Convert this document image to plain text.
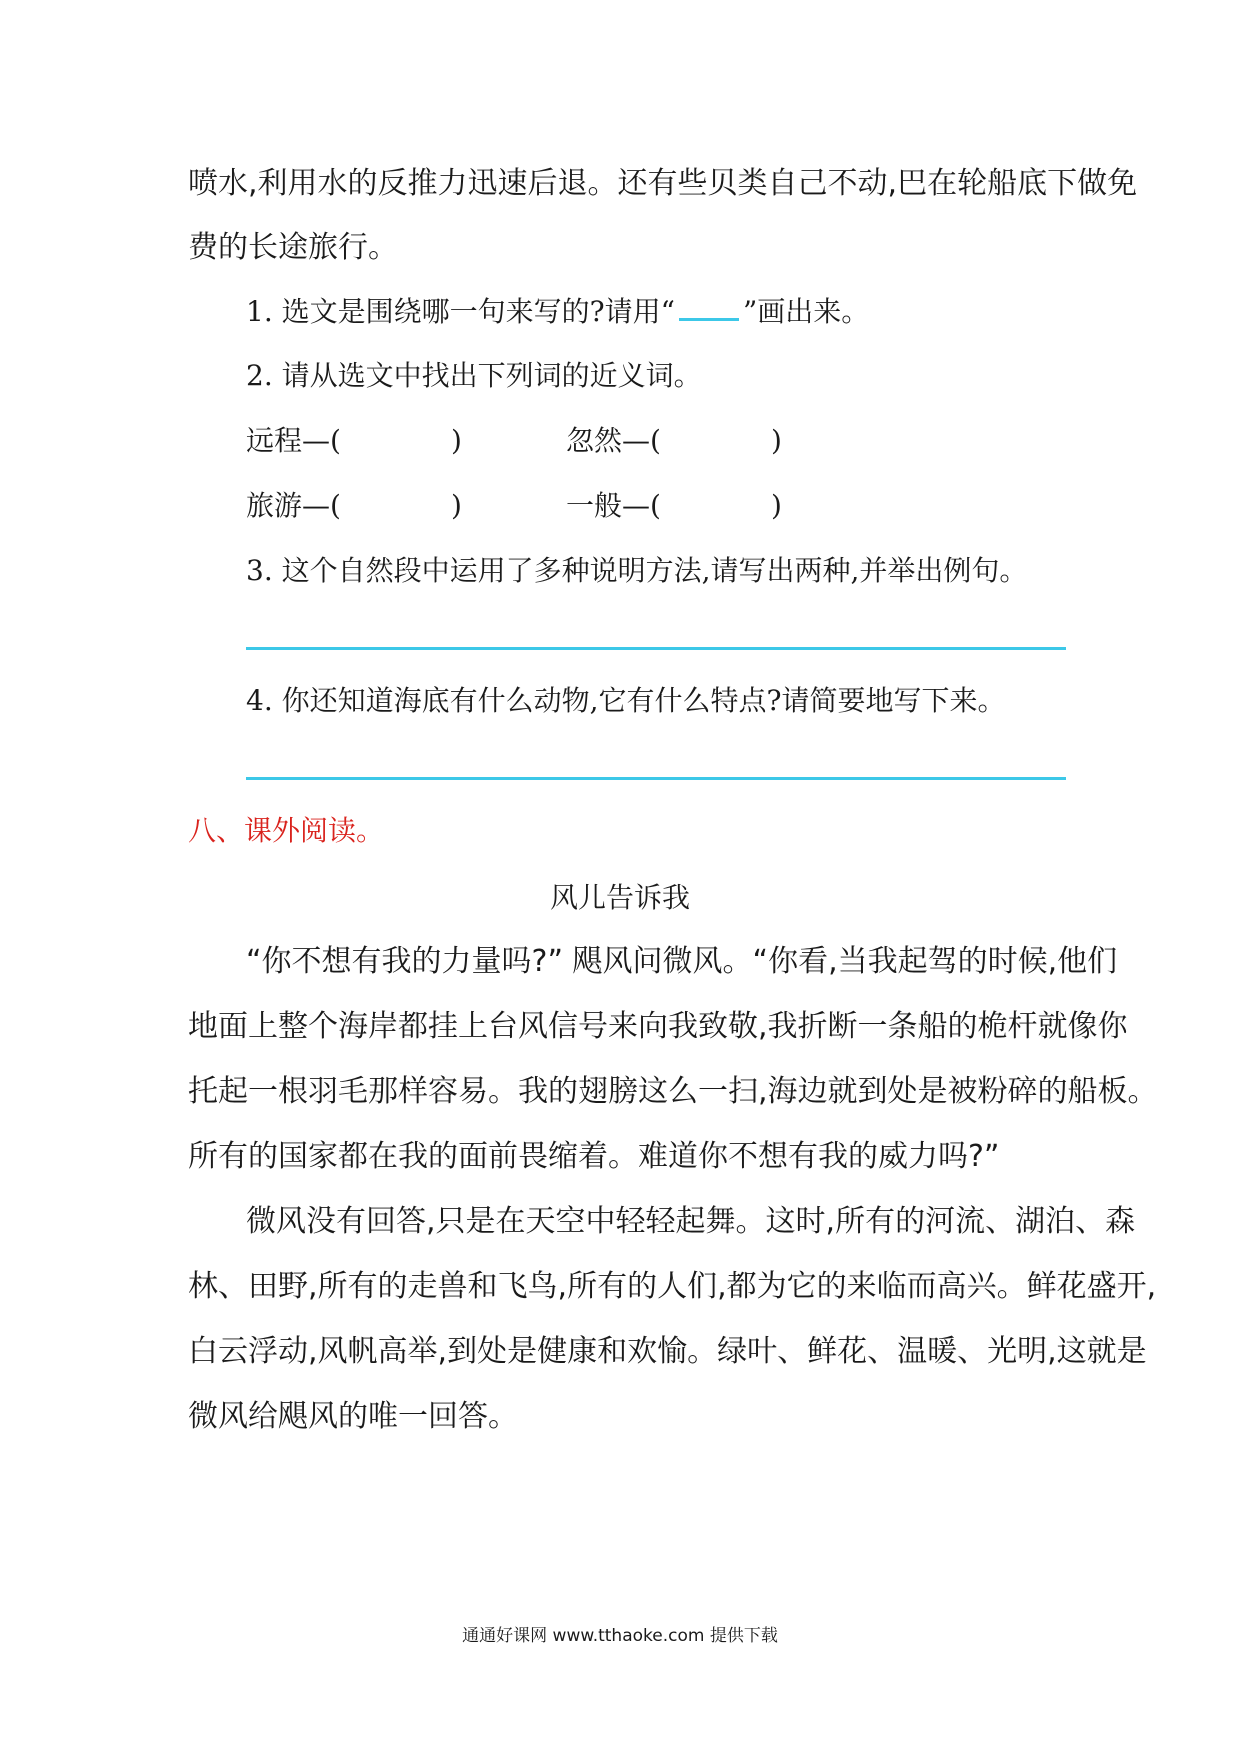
喷水,利用水的反推力迅速后退。还有些贝类自己不动,巴在轮船底下做免
费的长途旅行。
1. 选文是围绕哪一句来写的?请用“ ”画出来。
2. 请从选文中找出下列词的近义词。
远程—(	)	忽然—(	)
旅游—(	)	一般—(	)
3. 这个自然段中运用了多种说明方法,请写出两种,并举出例句。
4. 你还知道海底有什么动物,它有什么特点?请简要地写下来。
八、课外阅读。
风儿告诉我
“你不想有我的力量吗?” 飓风问微风。“你看,当我起驾的时候,他们
地面上整个海岸都挂上台风信号来向我致敬,我折断一条船的桅杆就像你
托起一根羽毛那样容易。我的翅膀这么一扫,海边就到处是被粉碎的船板。
所有的国家都在我的面前畏缩着。难道你不想有我的威力吗?”
微风没有回答,只是在天空中轻轻起舞。这时,所有的河流、湖泊、森
林、田野,所有的走兽和飞鸟,所有的人们,都为它的来临而高兴。鲜花盛开,
白云浮动,风帆高举,到处是健康和欢愉。绿叶、鲜花、温暖、光明,这就是
微风给飓风的唯一回答。
通通好课网 www.tthaoke.com 提供下载
